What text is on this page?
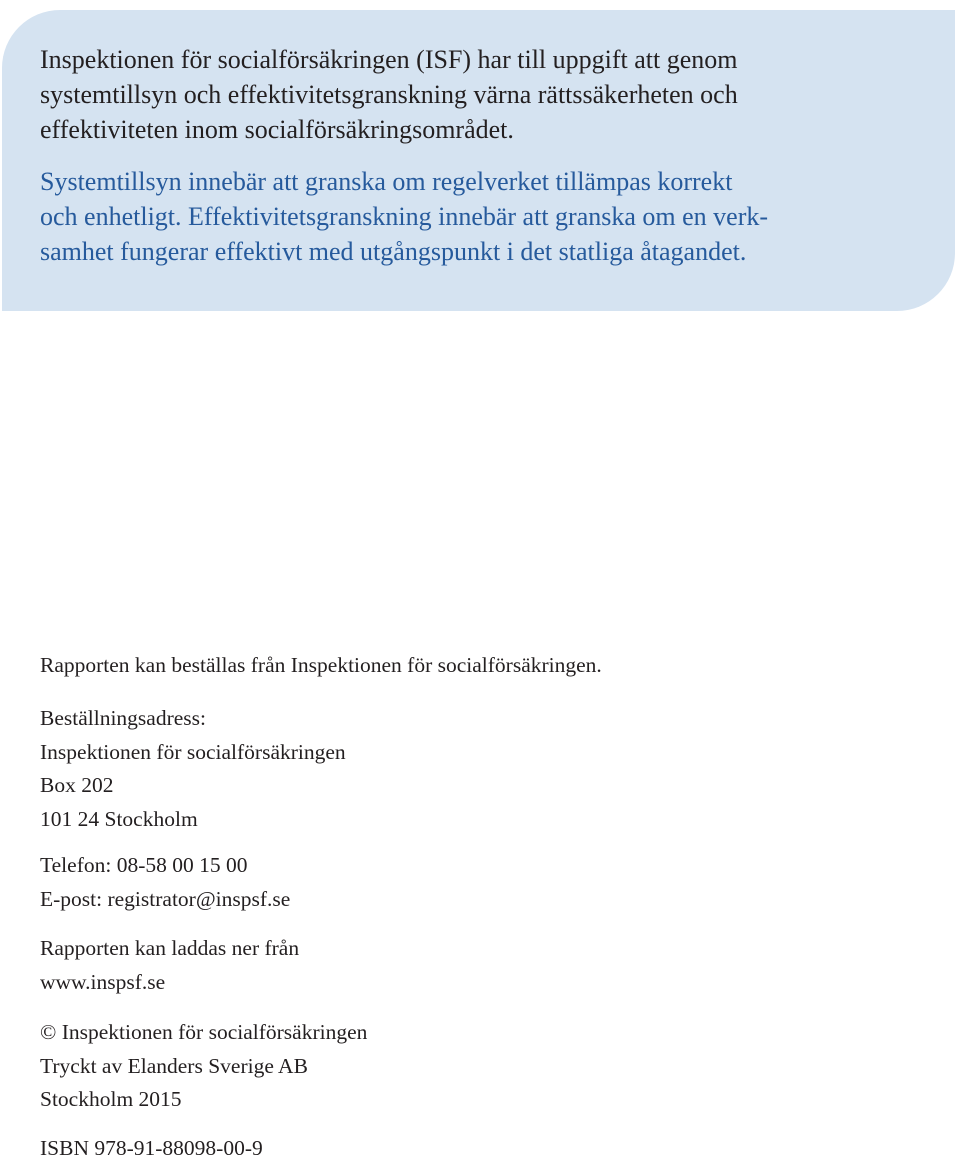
Inspektionen för socialförsäkringen (ISF) har till uppgift att genom
systemtillsyn och effektivitetsgranskning värna rättssäkerheten och
effektiviteten inom socialförsäkringsområdet.

Systemtillsyn innebär att granska om regelverket tillämpas korrekt
och enhetligt. Effektivitetsgranskning innebär att granska om en verk-
samhet fungerar effektivt med utgångspunkt i det statliga åtagandet.

Rapporten kan beställas från Inspektionen för socialförsäkringen.

Beställningsadress:
Inspektionen för socialförsäkringen
Box 202
101 24 Stockholm

Telefon: 08-58 00 15 00
E-post: registrator@inspsf.se

Rapporten kan laddas ner från
www.inspsf.se

© Inspektionen för socialförsäkringen
Tryckt av Elanders Sverige AB
Stockholm 2015

ISBN 978-91-88098-00-9
